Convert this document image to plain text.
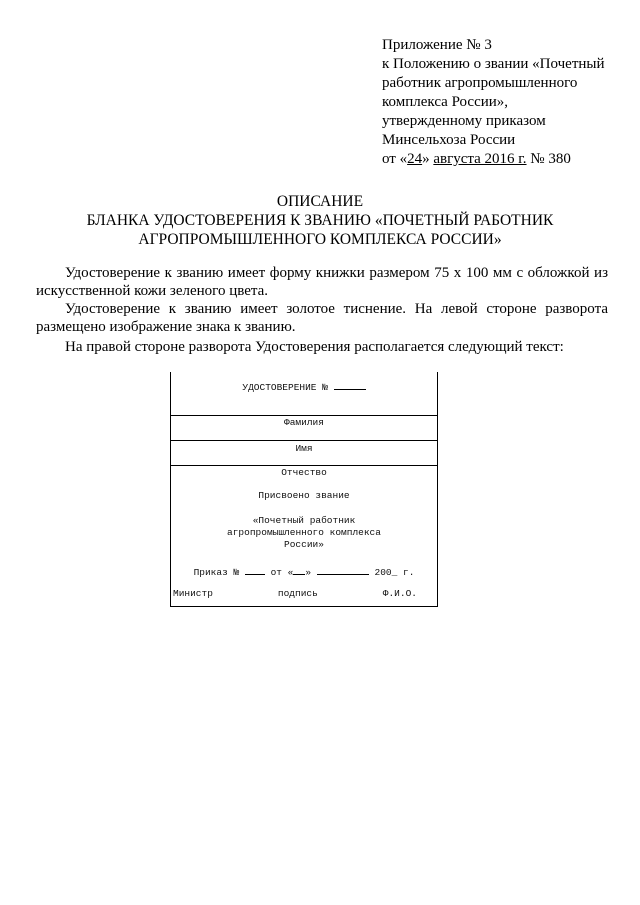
Приложение № 3
к Положению о звании «Почетный
работник агропромышленного
комплекса России»,
утвержденному приказом
Минсельхоза России
от «24» августа 2016 г. № 380
ОПИСАНИЕ
БЛАНКА УДОСТОВЕРЕНИЯ К ЗВАНИЮ «ПОЧЕТНЫЙ РАБОТНИК
АГРОПРОМЫШЛЕННОГО КОМПЛЕКСА РОССИИ»

Удостоверение к званию имеет форму книжки размером 75 х 100 мм с обложкой из искусственной кожи зеленого цвета.

Удостоверение к званию имеет золотое тиснение. На левой стороне разворота размещено изображение знака к званию.

На правой стороне разворота Удостоверения располагается следующий текст:

УДОСТОВЕРЕНИЕ №
Фамилия
Имя
Отчество
Присвоено звание
«Почетный работник
агропромышленного комплекса
России»
Приказ №	от « »	200_ г.
Министр	подпись	Ф.И.О.
